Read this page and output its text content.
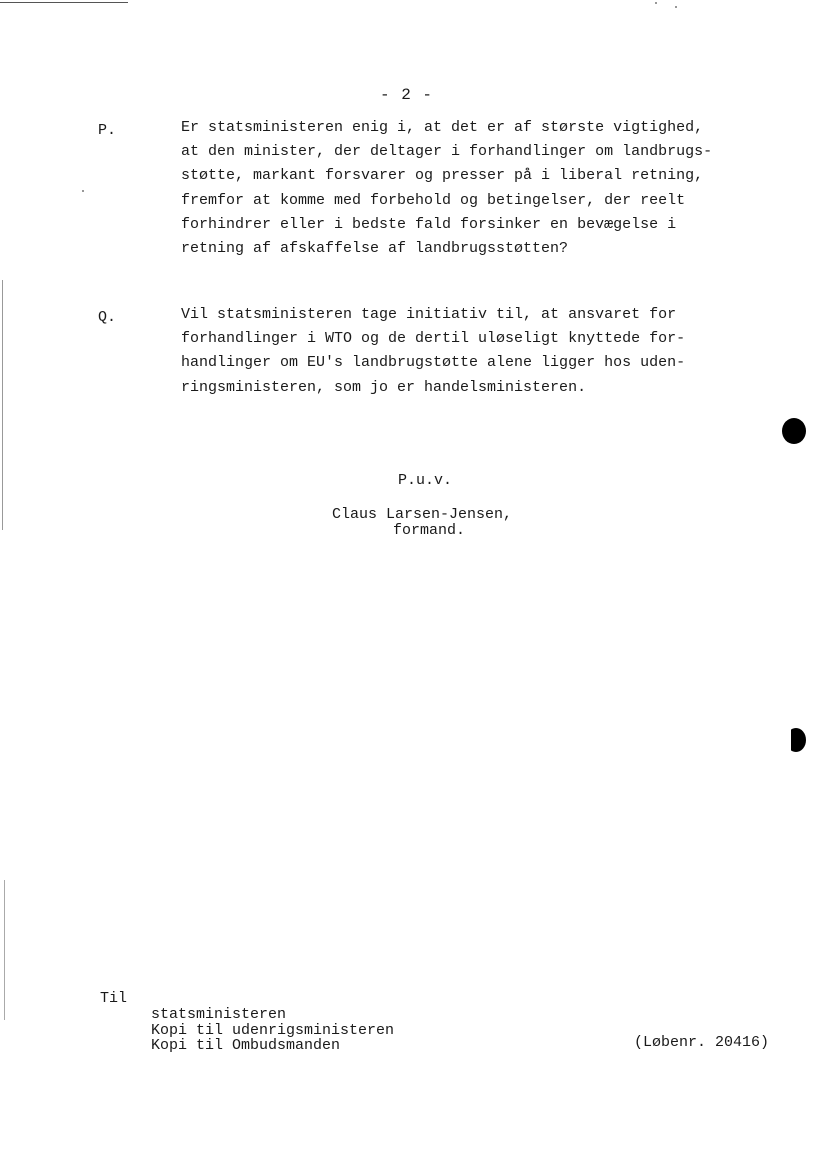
- 2 -
P.	Er statsministeren enig i, at det er af største vigtighed,
at den minister, der deltager i forhandlinger om landbrugs-
støtte, markant forsvarer og presser på i liberal retning,
fremfor at komme med forbehold og betingelser, der reelt
forhindrer eller i bedste fald forsinker en bevægelse i
retning af afskaffelse af landbrugsstøtten?
Q.	Vil statsministeren tage initiativ til, at ansvaret for
forhandlinger i WTO og de dertil uløseligt knyttede for-
handlinger om EU's landbrugstøtte alene ligger hos uden-
ringsministeren, som jo er handelsministeren.
P.u.v.
Claus Larsen-Jensen,
formand.
Til
statsministeren
Kopi til udenrigsministeren
Kopi til Ombudsmanden	(Løbenr. 20416)
